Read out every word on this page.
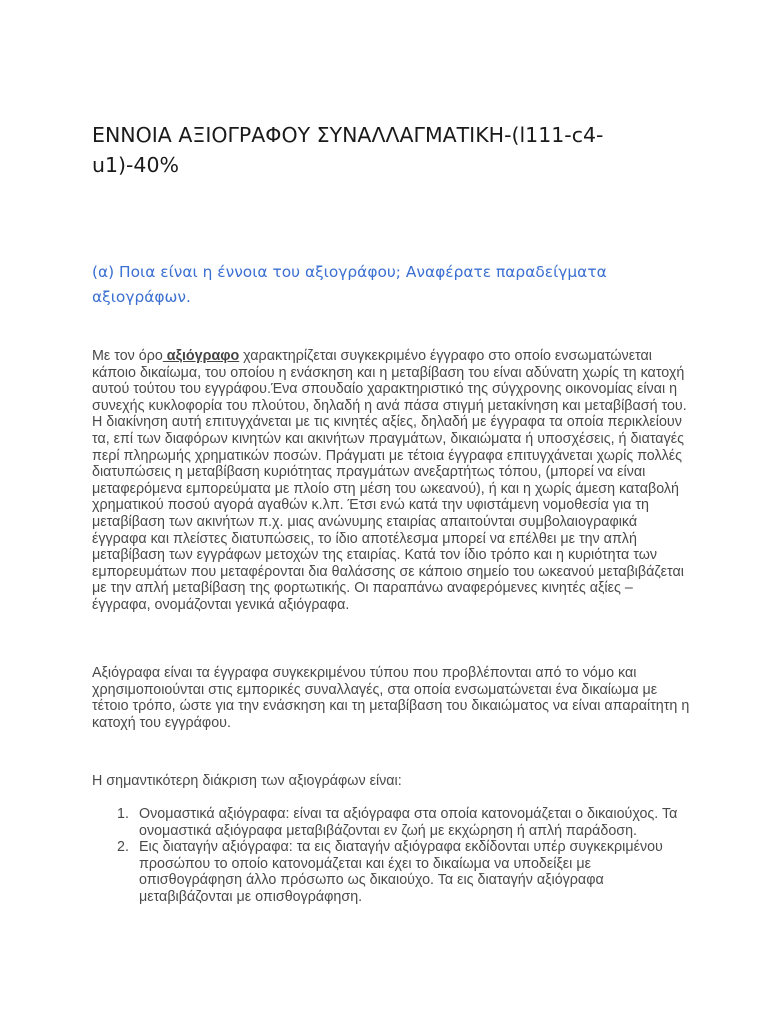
ΕΝΝΟΙΑ ΑΞΙΟΓΡΑΦΟΥ ΣΥΝΑΛΛΑΓΜΑΤΙΚΗ-(l111-c4-u1)-40%
(α) Ποια είναι η έννοια του αξιογράφου; Αναφέρατε παραδείγματα αξιογράφων.

Με τον όρο αξιόγραφο χαρακτηρίζεται συγκεκριμένο έγγραφο στο οποίο ενσωματώνεται κάποιο δικαίωμα, του οποίου η ενάσκηση και η μεταβίβαση του είναι αδύνατη χωρίς τη κατοχή αυτού τούτου του εγγράφου.Ένα σπουδαίο χαρακτηριστικό της σύγχρονης οικονομίας είναι η συνεχής κυκλοφορία του πλούτου, δηλαδή η ανά πάσα στιγμή μετακίνηση και μεταβίβασή του. Η διακίνηση αυτή επιτυγχάνεται με τις κινητές αξίες, δηλαδή με έγγραφα τα οποία περικλείουν τα, επί των διαφόρων κινητών και ακινήτων πραγμάτων, δικαιώματα ή υποσχέσεις, ή διαταγές περί πληρωμής χρηματικών ποσών. Πράγματι με τέτοια έγγραφα επιτυγχάνεται χωρίς πολλές διατυπώσεις η μεταβίβαση κυριότητας πραγμάτων ανεξαρτήτως τόπου, (μπορεί να είναι μεταφερόμενα εμπορεύματα με πλοίο στη μέση του ωκεανού), ή και η χωρίς άμεση καταβολή χρηματικού ποσού αγορά αγαθών κ.λπ. Έτσι ενώ κατά την υφιστάμενη νομοθεσία για τη μεταβίβαση των ακινήτων π.χ. μιας ανώνυμης εταιρίας απαιτούνται συμβολαιογραφικά έγγραφα και πλείστες διατυπώσεις, το ίδιο αποτέλεσμα μπορεί να επέλθει με την απλή μεταβίβαση των εγγράφων μετοχών της εταιρίας. Κατά τον ίδιο τρόπο και η κυριότητα των εμπορευμάτων που μεταφέρονται δια θαλάσσης σε κάποιο σημείο του ωκεανού μεταβιβάζεται με την απλή μεταβίβαση της φορτωτικής. Οι παραπάνω αναφερόμενες κινητές αξίες – έγγραφα, ονομάζονται γενικά αξιόγραφα.

Αξιόγραφα είναι τα έγγραφα συγκεκριμένου τύπου που προβλέπονται από το νόμο και χρησιμοποιούνται στις εμπορικές συναλλαγές, στα οποία ενσωματώνεται ένα δικαίωμα με τέτοιο τρόπο, ώστε για την ενάσκηση και τη μεταβίβαση του δικαιώματος να είναι απαραίτητη η κατοχή του εγγράφου.

Η σημαντικότερη διάκριση των αξιογράφων είναι:

1. Ονομαστικά αξιόγραφα: είναι τα αξιόγραφα στα οποία κατονομάζεται ο δικαιούχος. Τα ονομαστικά αξιόγραφα μεταβιβάζονται εν ζωή με εκχώρηση ή απλή παράδοση.
2. Εις διαταγήν αξιόγραφα: τα εις διαταγήν αξιόγραφα εκδίδονται υπέρ συγκεκριμένου προσώπου το οποίο κατονομάζεται και έχει το δικαίωμα να υποδείξει με οπισθογράφηση άλλο πρόσωπο ως δικαιούχο. Τα εις διαταγήν αξιόγραφα μεταβιβάζονται με οπισθογράφηση.
